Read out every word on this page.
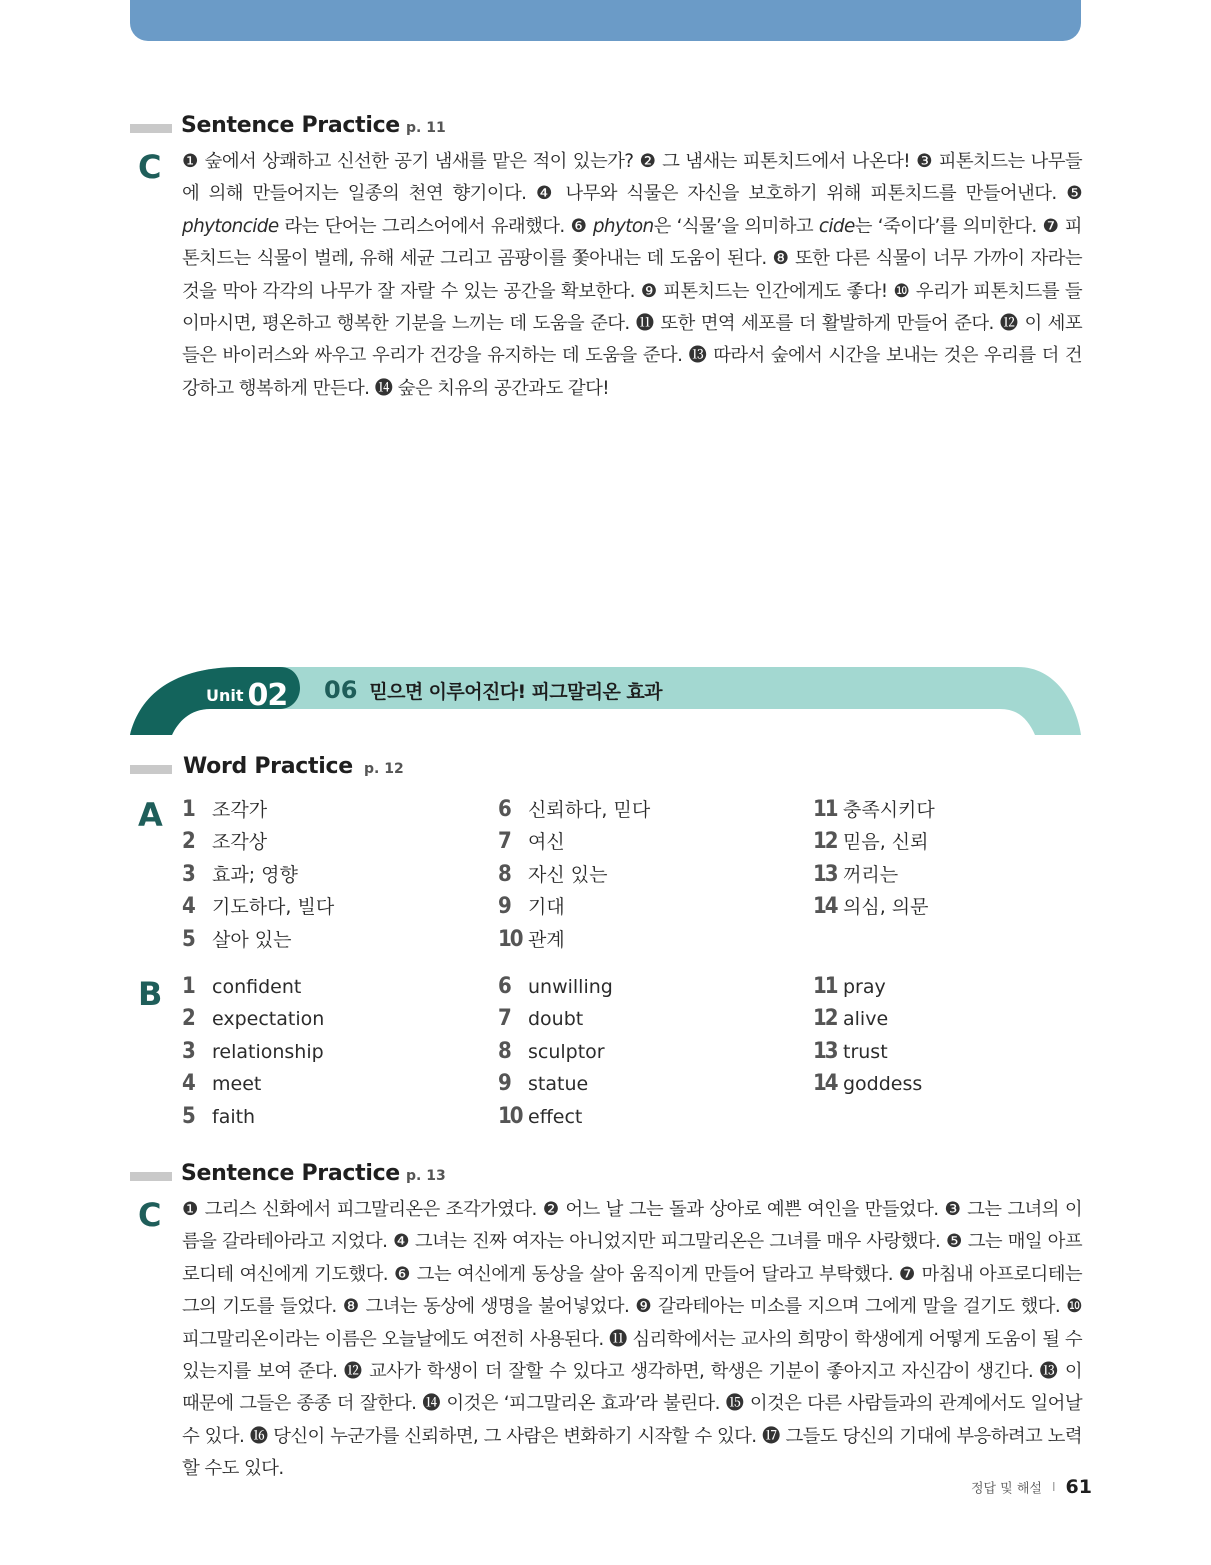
Sentence Practice p. 11
C ❶ 숲에서 상쾌하고 신선한 공기 냄새를 맡은 적이 있는가? ❷ 그 냄새는 피톤치드에서 나온다! ❸ 피톤치드는 나무들에 의해 만들어지는 일종의 천연 향기이다. ❹ 나무와 식물은 자신을 보호하기 위해 피톤치드를 만들어낸다. ❺ phytoncide 라는 단어는 그리스어에서 유래했다. ❻ phyton은 ‘식물’을 의미하고 cide는 ‘죽이다’를 의미한다. ❼ 피톤치드는 식물이 벌레, 유해 세균 그리고 곰팡이를 쫓아내는 데 도움이 된다. ❽ 또한 다른 식물이 너무 가까이 자라는 것을 막아 각각의 나무가 잘 자랄 수 있는 공간을 확보한다. ❾ 피톤치드는 인간에게도 좋다! ❿ 우리가 피톤치드를 들이마시면, 평온하고 행복한 기분을 느끼는 데 도움을 준다. ⓫ 또한 면역 세포를 더 활발하게 만들어 준다. ⓬ 이 세포들은 바이러스와 싸우고 우리가 건강을 유지하는 데 도움을 준다. ⓭ 따라서 숲에서 시간을 보내는 것은 우리를 더 건강하고 행복하게 만든다. ⓮ 숲은 치유의 공간과도 같다!
Unit 02 06 믿으면 이루어진다! 피그말리온 효과
Word Practice p. 12
A
B
1 조각가
2 조각상
3 효과; 영향
4 기도하다, 빌다
5 살아 있는
6 신뢰하다, 믿다
7 여신
8 자신 있는
9 기대
10 관계
11 충족시키다
12 믿음, 신뢰
13 꺼리는
14 의심, 의문
1 confident
2 expectation
3 relationship
4 meet
5 faith
6 unwilling
7 doubt
8 sculptor
9 statue
10 effect
11 pray
12 alive
13 trust
14 goddess
Sentence Practice p. 13
C ❶ 그리스 신화에서 피그말리온은 조각가였다. ❷ 어느 날 그는 돌과 상아로 예쁜 여인을 만들었다. ❸ 그는 그녀의 이름을 갈라테아라고 지었다. ❹ 그녀는 진짜 여자는 아니었지만 피그말리온은 그녀를 매우 사랑했다. ❺ 그는 매일 아프로디테 여신에게 기도했다. ❻ 그는 여신에게 동상을 살아 움직이게 만들어 달라고 부탁했다. ❼ 마침내 아프로디테는 그의 기도를 들었다. ❽ 그녀는 동상에 생명을 불어넣었다. ❾ 갈라테아는 미소를 지으며 그에게 말을 걸기도 했다. ❿ 피그말리온이라는 이름은 오늘날에도 여전히 사용된다. ⓫ 심리학에서는 교사의 희망이 학생에게 어떻게 도움이 될 수 있는지를 보여 준다. ⓬ 교사가 학생이 더 잘할 수 있다고 생각하면, 학생은 기분이 좋아지고 자신감이 생긴다. ⓭ 이 때문에 그들은 종종 더 잘한다. ⓮ 이것은 ‘피그말리온 효과’라 불린다. ⓯ 이것은 다른 사람들과의 관계에서도 일어날 수 있다. ⓰ 당신이 누군가를 신뢰하면, 그 사람은 변화하기 시작할 수 있다. ⓱ 그들도 당신의 기대에 부응하려고 노력할 수도 있다.
정답 및 해설 I 61
